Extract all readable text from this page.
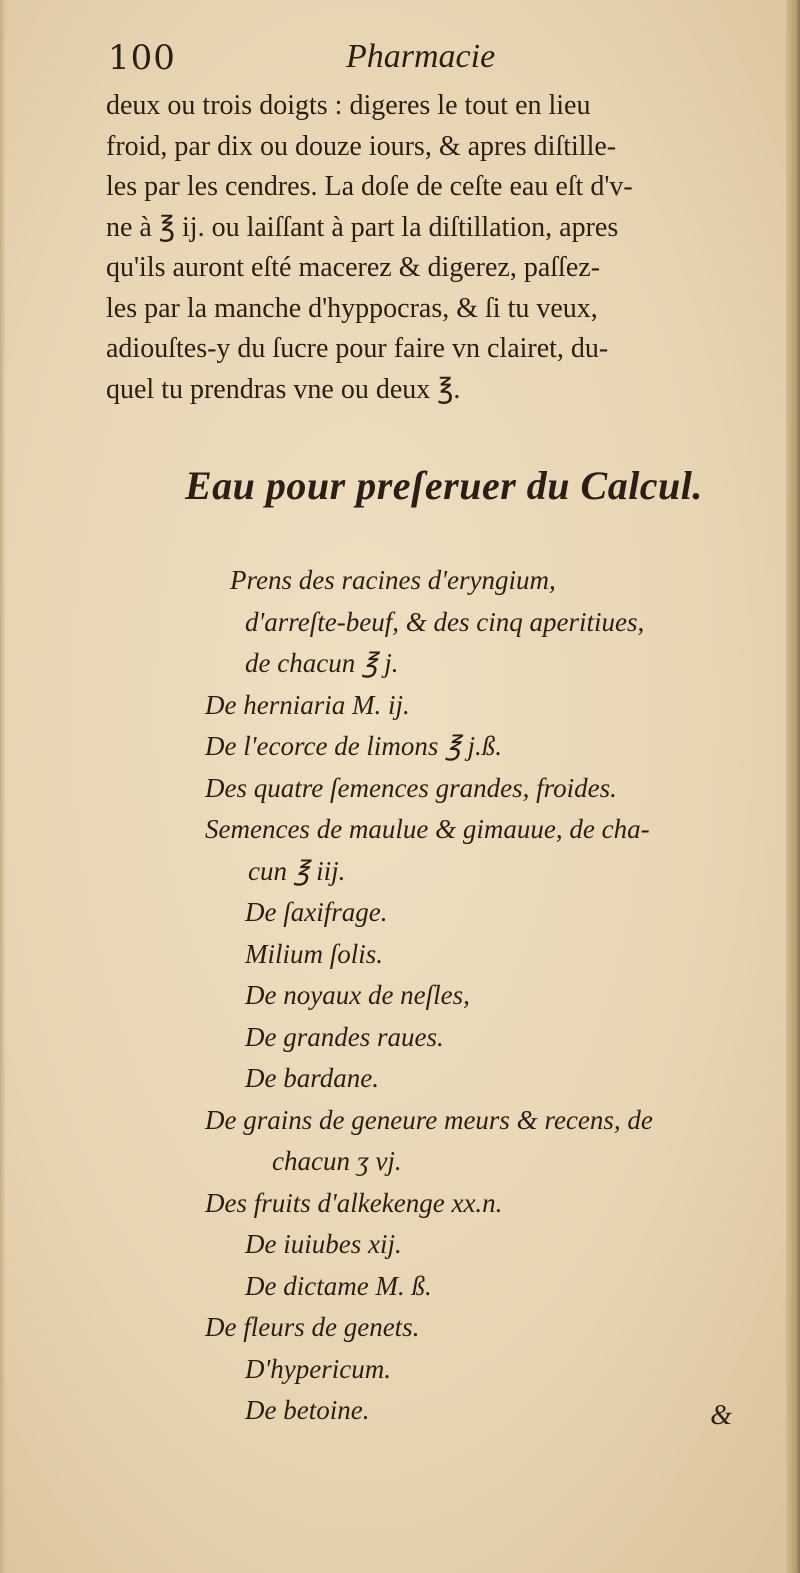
100	Pharmacie
deux ou trois doigts : digeres le tout en lieu
froid, par dix ou douze iours, & apres diſtille-
les par les cendres. La doſe de ceſte eau eſt d'v-
ne à ℥ ij. ou laiſſant à part la diſtillation, apres
qu'ils auront eſté macerez & digerez, paſſez-
les par la manche d'hyppocras, & ſi tu veux,
adiouſtes-y du ſucre pour faire vn clairet, du-
quel tu prendras vne ou deux ℥.
Eau pour preſeruer du Calcul.
Prens des racines d'eryngium,
d'arreſte-beuf, & des cinq aperitiues,
de chacun ℥ j.
De herniaria M. ij.
De l'ecorce de limons ℥ j.ß.
Des quatre ſemences grandes, froides.
Semences de maulue & gimauue, de cha-
cun ℥ iij.
De ſaxifrage.
Milium ſolis.
De noyaux de neſles,
De grandes raues.
De bardane.
De grains de geneure meurs & recens, de
chacun ʒ vj.
Des fruits d'alkekenge xx.n.
De iuiubes xij.
De dictame M. ß.
De fleurs de genets.
D'hypericum.
De betoine.	&
